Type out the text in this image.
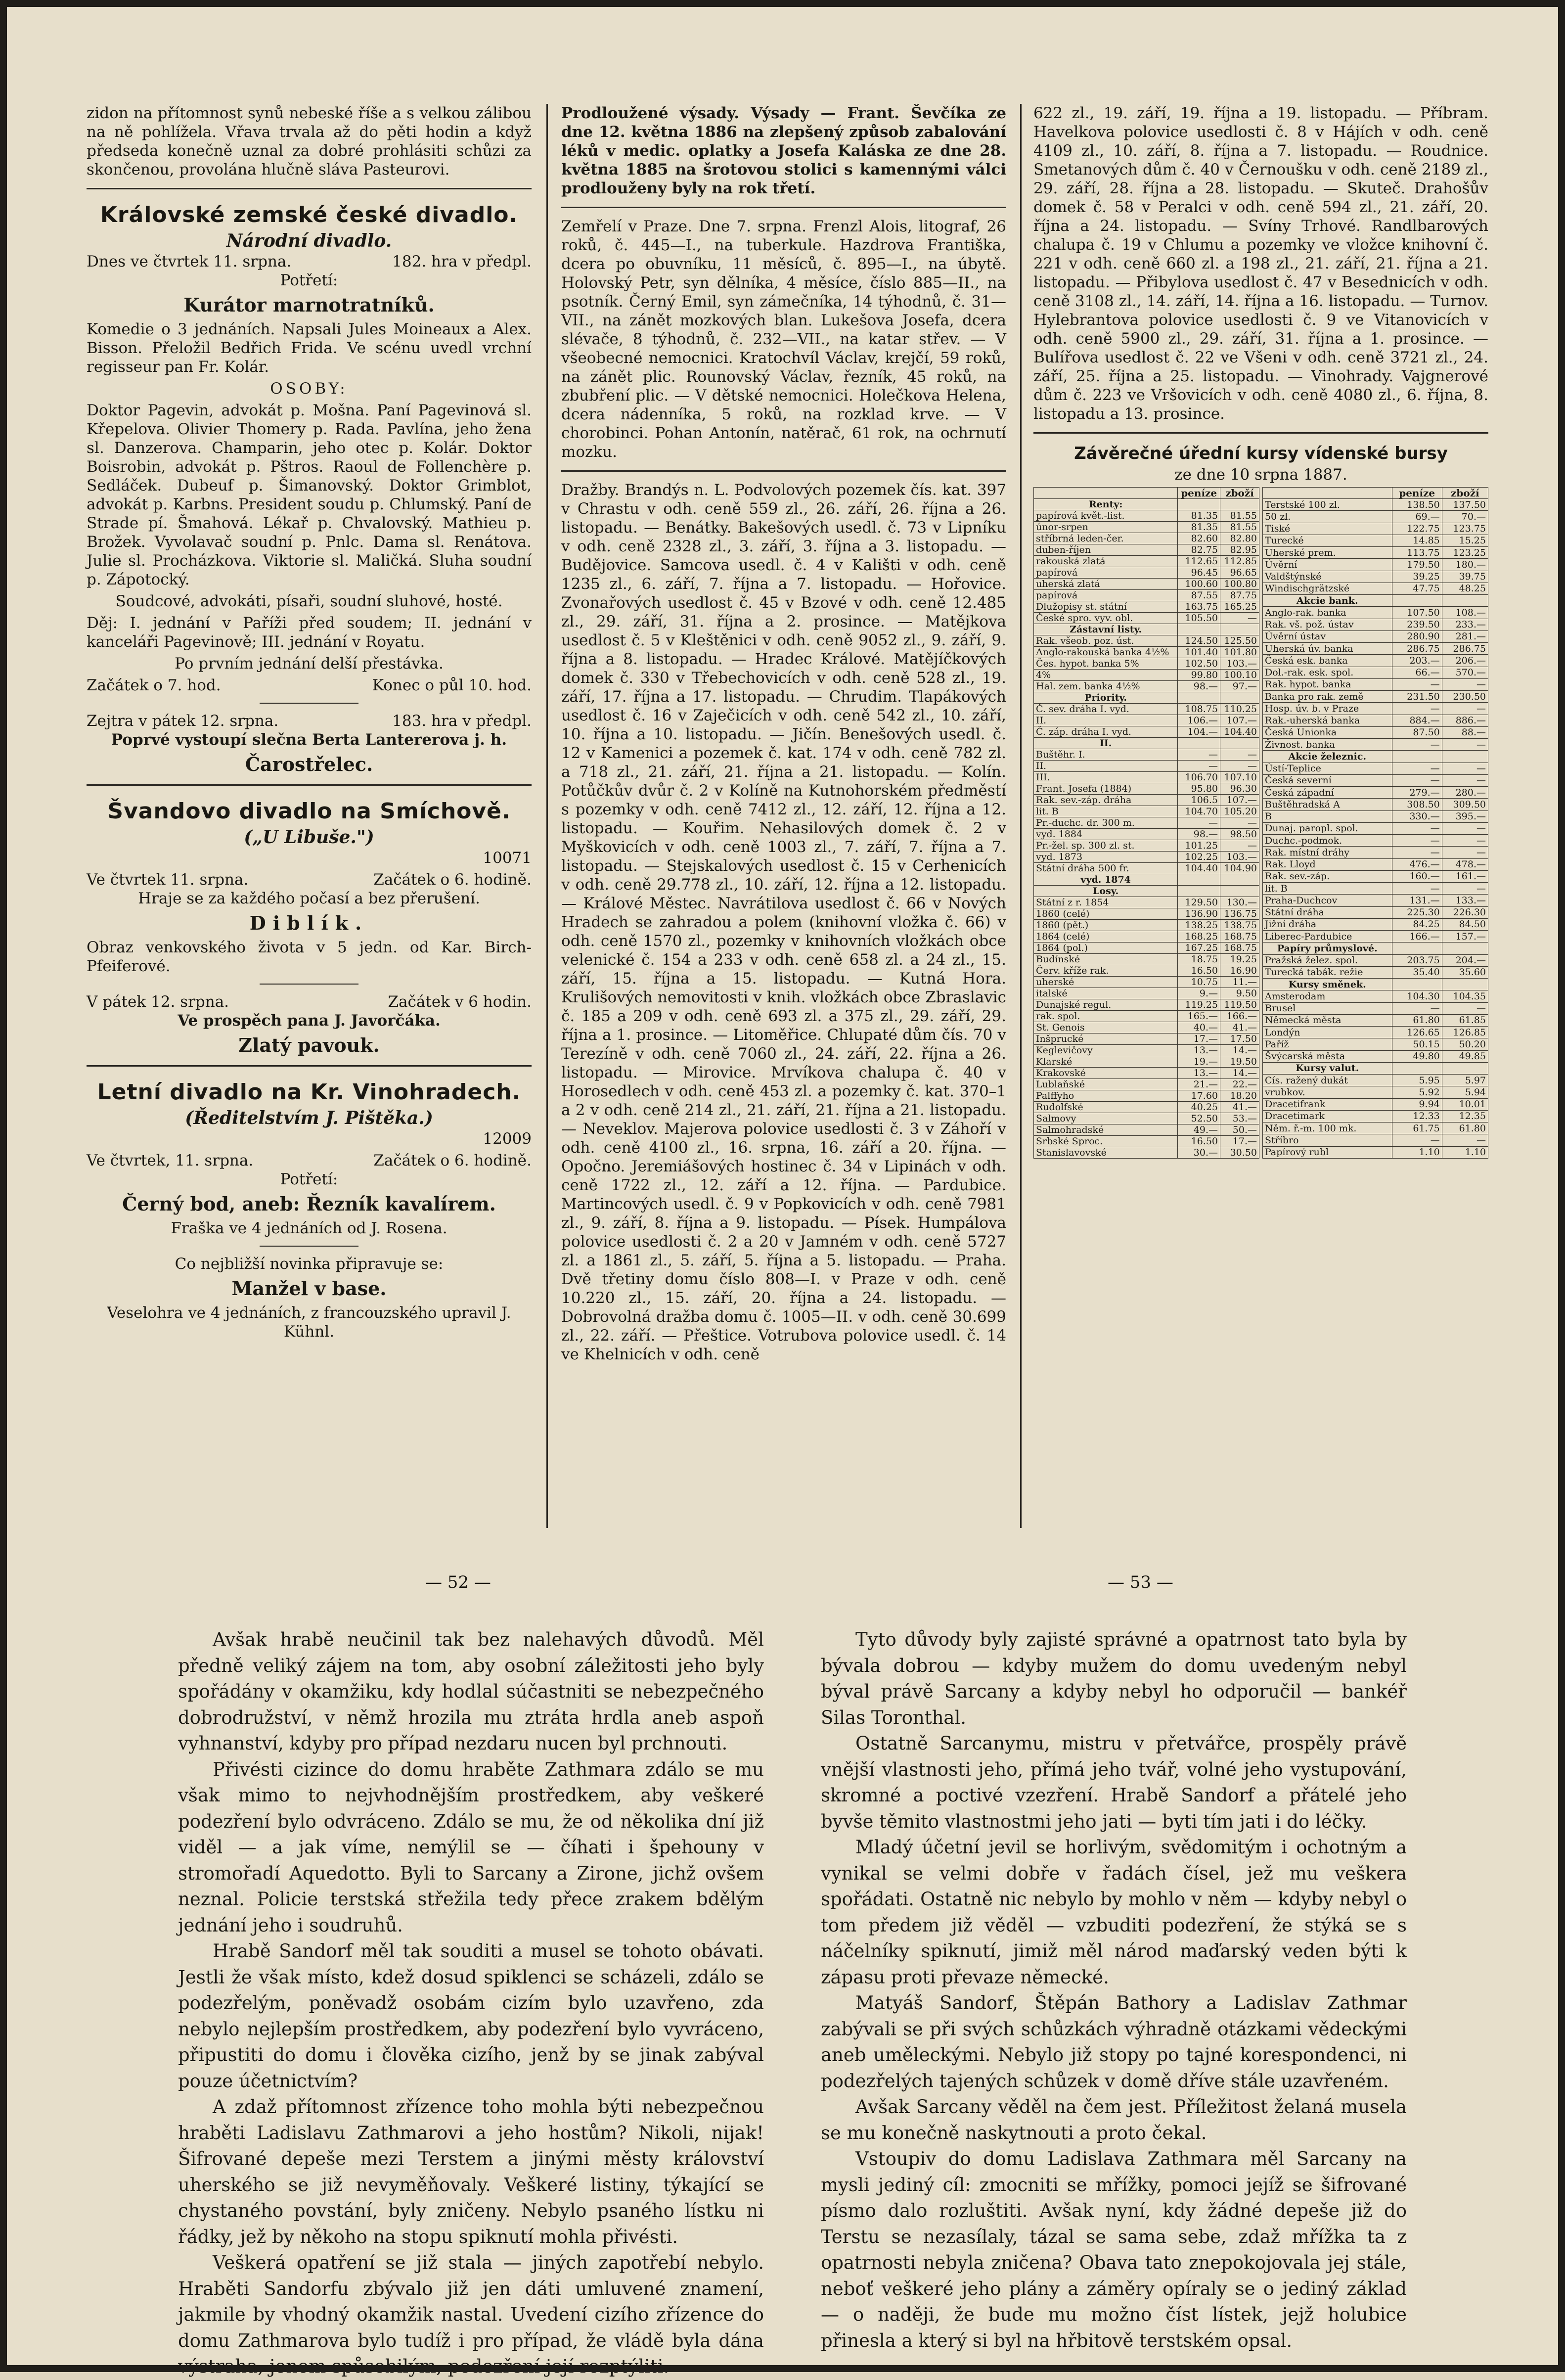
zidon na přítomnost synů nebeské říše a s velkou zálibou na ně pohlížela. Vřava trvala až do pěti hodin a když předseda konečně uznal za dobré prohlásiti schůzi za skončenou, provolána hlučně sláva Pasteurovi.

Královské zemské české divadlo.
Národní divadlo.
Dnes ve čtvrtek 11. srpna.	182. hra v předpl.
Potřetí:
Kurátor marnotratníků.

Komedie o 3 jednáních. Napsali Jules Moineaux a Alex. Bisson. Přeložil Bedřich Frida. Ve scénu uvedl vrchní regisseur pan Fr. Kolár.

OSOBY:

Doktor Pagevin, advokát p. Mošna. Paní Pagevinová sl. Křepelova. Olivier Thomery p. Rada. Pavlína, jeho žena sl. Danzerova. Champarin, jeho otec p. Kolár. Doktor Boisrobin, advokát p. Pštros. Raoul de Follenchère p. Sedláček. Dubeuf p. Šimanovský. Doktor Grimblot, advokát p. Karbns. President soudu p. Chlumský. Paní de Strade pí. Šmahová. Lékař p. Chvalovský. Mathieu p. Brožek. Vyvolavač soudní p. Pnlc. Dama sl. Renátova. Julie sl. Procházkova. Viktorie sl. Maličká. Sluha soudní p. Zápotocký.

Soudcové, advokáti, písaři, soudní sluhové, hosté.

Děj: I. jednání v Paříži před soudem; II. jednání v kanceláři Pagevinově; III. jednání v Royatu.

Po prvním jednání delší přestávka.

Začátek o 7. hod.	Konec o půl 10. hod.
Zejtra v pátek 12. srpna.	183. hra v předpl.

Poprvé vystoupí slečna Berta Lantererova j. h.

Čarostřelec.
Švandovo divadlo na Smíchově.
(„U Libuše.")
10071
Ve čtvrtek 11. srpna.	Začátek o 6. hodině.

Hraje se za každého počasí a bez přerušení.

Diblík.

Obraz venkovského života v 5 jedn. od Kar. Birch-Pfeiferové.

V pátek 12. srpna.	Začátek v 6 hodin.

Ve prospěch pana J. Javorčáka.

Zlatý pavouk.
Letní divadlo na Kr. Vinohradech.
(Ředitelstvím J. Pištěka.)
12009
Ve čtvrtek, 11. srpna.	Začátek o 6. hodině.
Potřetí:
Černý bod, aneb: Řezník kavalírem.

Fraška ve 4 jednáních od J. Rosena.

Co nejbližší novinka připravuje se:

Manžel v base.

Veselohra ve 4 jednáních, z francouzského upravil J. Kühnl.

Prodloužené výsady. Výsady — Frant. Ševčíka ze dne 12. května 1886 na zlepšený způsob zabalování léků v medic. oplatky a Josefa Kaláska ze dne 28. května 1885 na šrotovou stolici s kamennými válci prodlouženy byly na rok třetí.

Zemřelí v Praze. Dne 7. srpna. Frenzl Alois, litograf, 26 roků, č. 445—I., na tuberkule. Hazdrova Františka, dcera po obuvníku, 11 měsíců, č. 895—I., na úbytě. Holovský Petr, syn dělníka, 4 měsíce, číslo 885—II., na psotník. Černý Emil, syn zámečníka, 14 týhodnů, č. 31—VII., na zánět mozkových blan. Lukešova Josefa, dcera slévače, 8 týhodnů, č. 232—VII., na katar střev. — V všeobecné nemocnici. Kratochvíl Václav, krejčí, 59 roků, na zánět plic. Rounovský Václav, řezník, 45 roků, na zbubření plic. — V dětské nemocnici. Holečkova Helena, dcera nádenníka, 5 roků, na rozklad krve. — V chorobinci. Pohan Antonín, natěrač, 61 rok, na ochrnutí mozku.

Dražby. Brandýs n. L. Podvolových pozemek čís. kat. 397 v Chrastu v odh. ceně 559 zl., 26. září, 26. října a 26. listopadu. — Benátky. Bakešových usedl. č. 73 v Lipníku v odh. ceně 2328 zl., 3. září, 3. října a 3. listopadu. — Budějovice. Samcova usedl. č. 4 v Kališti v odh. ceně 1235 zl., 6. září, 7. října a 7. listopadu. — Hořovice. Zvonařových usedlost č. 45 v Bzové v odh. ceně 12.485 zl., 29. září, 31. října a 2. prosince. — Matějkova usedlost č. 5 v Kleštěnici v odh. ceně 9052 zl., 9. září, 9. října a 8. listopadu. — Hradec Králové. Matějíčkových domek č. 330 v Třebechovicích v odh. ceně 528 zl., 19. září, 17. října a 17. listopadu. — Chrudim. Tlapákových usedlost č. 16 v Zaječicích v odh. ceně 542 zl., 10. září, 10. října a 10. listopadu. — Jičín. Benešových usedl. č. 12 v Kamenici a pozemek č. kat. 174 v odh. ceně 782 zl. a 718 zl., 21. září, 21. října a 21. listopadu. — Kolín. Potůčkův dvůr č. 2 v Kolíně na Kutnohorském předměstí s pozemky v odh. ceně 7412 zl., 12. září, 12. října a 12. listopadu. — Kouřim. Nehasilových domek č. 2 v Myškovicích v odh. ceně 1003 zl., 7. září, 7. října a 7. listopadu. — Stejskalových usedlost č. 15 v Cerhenicích v odh. ceně 29.778 zl., 10. září, 12. října a 12. listopadu. — Králové Městec. Navrátilova usedlost č. 66 v Nových Hradech se zahradou a polem (knihovní vložka č. 66) v odh. ceně 1570 zl., pozemky v knihovních vložkách obce velenické č. 154 a 233 v odh. ceně 658 zl. a 24 zl., 15. září, 15. října a 15. listopadu. — Kutná Hora. Krulišových nemovitosti v knih. vložkách obce Zbraslavic č. 185 a 209 v odh. ceně 693 zl. a 375 zl., 29. září, 29. října a 1. prosince. — Litoměřice. Chlupaté dům čís. 70 v Terezíně v odh. ceně 7060 zl., 24. září, 22. října a 26. listopadu. — Mirovice. Mrvíkova chalupa č. 40 v Horosedlech v odh. ceně 453 zl. a pozemky č. kat. 370–1 a 2 v odh. ceně 214 zl., 21. září, 21. října a 21. listopadu. — Neveklov. Majerova polovice usedlosti č. 3 v Záhoří v odh. ceně 4100 zl., 16. srpna, 16. září a 20. října. — Opočno. Jeremiášových hostinec č. 34 v Lipinách v odh. ceně 1722 zl., 12. září a 12. října. — Pardubice. Martincových usedl. č. 9 v Popkovicích v odh. ceně 7981 zl., 9. září, 8. října a 9. listopadu. — Písek. Humpálova polovice usedlosti č. 2 a 20 v Jamném v odh. ceně 5727 zl. a 1861 zl., 5. září, 5. října a 5. listopadu. — Praha. Dvě třetiny domu číslo 808—I. v Praze v odh. ceně 10.220 zl., 15. září, 20. října a 24. listopadu. — Dobrovolná dražba domu č. 1005—II. v odh. ceně 30.699 zl., 22. září. — Přeštice. Votrubova polovice usedl. č. 14 ve Khelnicích v odh. ceně

622 zl., 19. září, 19. října a 19. listopadu. — Příbram. Havelkova polovice usedlosti č. 8 v Hájích v odh. ceně 4109 zl., 10. září, 8. října a 7. listopadu. — Roudnice. Smetanových dům č. 40 v Černoušku v odh. ceně 2189 zl., 29. září, 28. října a 28. listopadu. — Skuteč. Drahošův domek č. 58 v Peralci v odh. ceně 594 zl., 21. září, 20. října a 24. listopadu. — Svíny Trhové. Randlbarových chalupa č. 19 v Chlumu a pozemky ve vložce knihovní č. 221 v odh. ceně 660 zl. a 198 zl., 21. září, 21. října a 21. listopadu. — Přibylova usedlost č. 47 v Besednicích v odh. ceně 3108 zl., 14. září, 14. října a 16. listopadu. — Turnov. Hylebrantova polovice usedlosti č. 9 ve Vitanovicích v odh. ceně 5900 zl., 29. září, 31. října a 1. prosince. — Bulířova usedlost č. 22 ve Všeni v odh. ceně 3721 zl., 24. září, 25. října a 25. listopadu. — Vinohrady. Vajgnerové dům č. 223 ve Vršovicích v odh. ceně 4080 zl., 6. října, 8. listopadu a 13. prosince.

Závěrečné úřední kursy vídenské bursy
ze dne 10 srpna 1887.
	peníze	zboží
Renty:		
papírová květ.-list.	81.35	81.55
únor-srpen	81.35	81.55
stříbrná leden-čer.	82.60	82.80
duben-říjen	82.75	82.95
rakouská zlatá	112.65	112.85
papírová	96.45	96.65
uherská zlatá	100.60	100.80
papírová	87.55	87.75
Dlužopisy st. státní	163.75	165.25
České spro. vyv. obl.	105.50	—
Zástavní listy.		
Rak. všeob. poz. úst.	124.50	125.50
Anglo-rakouská banka 4½%	101.40	101.80
Čes. hypot. banka 5%	102.50	103.—
4%	99.80	100.10
Hal. zem. banka 4½%	98.—	97.—
Priority.		
Č. sev. dráha I. vyd.	108.75	110.25
II.	106.—	107.—
Č. záp. dráha I. vyd.	104.—	104.40
II.		
Buštěhr. I.	—	—
II.	—	—
III.	106.70	107.10
Frant. Josefa (1884)	95.80	96.30
Rak. sev.-záp. dráha	106.5	107.—
lit. B	104.70	105.20
Pr.-duchc. dr. 300 m.	—	—
vyd. 1884	98.—	98.50
Pr.-žel. sp. 300 zl. st.	101.25	—
vyd. 1873	102.25	103.—
Státní dráha 500 fr.	104.40	104.90
vyd. 1874		
Losy.		
Státní z r. 1854	129.50	130.—
1860 (celé)	136.90	136.75
1860 (pět.)	138.25	138.75
1864 (celé)	168.25	168.75
1864 (pol.)	167.25	168.75
Budínské	18.75	19.25
Červ. kříže rak.	16.50	16.90
uherské	10.75	11.—
italské	9.—	9.50
Dunajské regul.	119.25	119.50
rak. spol.	165.—	166.—
St. Genois	40.—	41.—
Inšprucké	17.—	17.50
Keglevičovy	13.—	14.—
Klarské	19.—	19.50
Krakovské	13.—	14.—
Lublaňské	21.—	22.—
Palffyho	17.60	18.20
Rudolfské	40.25	41.—
Salmovy	52.50	53.—
Salmohradské	49.—	50.—
Srbské Sproc.	16.50	17.—
Stanislavovské	30.—	30.50
	peníze	zboží
Terstské 100 zl.	138.50	137.50
50 zl.	69.—	70.—
Tiské	122.75	123.75
Turecké	14.85	15.25
Uherské prem.	113.75	123.25
Úvěrní	179.50	180.—
Valdštýnské	39.25	39.75
Windischgrätzské	47.75	48.25
Akcie bank.		
Anglo-rak. banka	107.50	108.—
Rak. vš. pož. ústav	239.50	233.—
Úvěrní ústav	280.90	281.—
Uherská úv. banka	286.75	286.75
Česká esk. banka	203.—	206.—
Dol.-rak. esk. spol.	66.—	570.—
Rak. hypot. banka	—	—
Banka pro rak. země	231.50	230.50
Hosp. úv. b. v Praze	—	—
Rak.-uherská banka	884.—	886.—
Česká Unionka	87.50	88.—
Živnost. banka	—	—
Akcie železnic.		
Ústí-Teplice	—	—
Česká severní	—	—
Česká západní	279.—	280.—
Buštěhradská A	308.50	309.50
B	330.—	395.—
Dunaj. paropl. spol.	—	—
Duchc.-podmok.	—	—
Rak. místní dráhy	—	—
Rak. Lloyd	476.—	478.—
Rak. sev.-záp.	160.—	161.—
lit. B	—	—
Praha-Duchcov	131.—	133.—
Státní dráha	225.30	226.30
Jižní dráha	84.25	84.50
Liberec-Pardubice	166.—	157.—
Papíry průmyslové.		
Pražská želez. spol.	203.75	204.—
Turecká tabák. režie	35.40	35.60
Kursy směnek.		
Amsterodam	104.30	104.35
Brusel	—	—
Německá města	61.80	61.85
Londýn	126.65	126.85
Paříž	50.15	50.20
Švýcarská města	49.80	49.85
Kursy valut.		
Cís. ražený dukát	5.95	5.97
vrubkov.	5.92	5.94
Dracetifrank	9.94	10.01
Dracetimark	12.33	12.35
Něm. ř.-m. 100 mk.	61.75	61.80
Stříbro	—	—
Papírový rubl	1.10	1.10
— 52 —	— 53 —

Avšak hrabě neučinil tak bez nalehavých důvodů. Měl předně veliký zájem na tom, aby osobní záležitosti jeho byly spořádány v okamžiku, kdy hodlal súčastniti se nebezpečného dobrodružství, v němž hrozila mu ztráta hrdla aneb aspoň vyhnanství, kdyby pro případ nezdaru nucen byl prchnouti.

Přivésti cizince do domu hraběte Zathmara zdálo se mu však mimo to nejvhodnějším prostředkem, aby veškeré podezření bylo odvráceno. Zdálo se mu, že od několika dní již viděl — a jak víme, nemýlil se — číhati i špehouny v stromořadí Aquedotto. Byli to Sarcany a Zirone, jichž ovšem neznal. Policie terstská střežila tedy přece zrakem bdělým jednání jeho i soudruhů.

Hrabě Sandorf měl tak souditi a musel se tohoto obávati. Jestli že však místo, kdež dosud spiklenci se scházeli, zdálo se podezřelým, poněvadž osobám cizím bylo uzavřeno, zda nebylo nejlepším prostředkem, aby podezření bylo vyvráceno, připustiti do domu i člověka cizího, jenž by se jinak zabýval pouze účetnictvím?

A zdaž přítomnost zřízence toho mohla býti nebezpečnou hraběti Ladislavu Zathmarovi a jeho hostům? Nikoli, nijak! Šifrované depeše mezi Terstem a jinými městy království uherského se již nevyměňovaly. Veškeré listiny, týkající se chystaného povstání, byly zničeny. Nebylo psaného lístku ni řádky, jež by někoho na stopu spiknutí mohla přivésti.

Veškerá opatření se již stala — jiných zapotřebí nebylo. Hraběti Sandorfu zbývalo již jen dáti umluvené znamení, jakmile by vhodný okamžik nastal. Uvedení cizího zřízence do domu Zathmarova bylo tudíž i pro případ, že vládě byla dána výstraha, jenom spůsobilým, podezření její rozptýliti.

Tyto důvody byly zajisté správné a opatrnost tato byla by bývala dobrou — kdyby mužem do domu uvedeným nebyl býval právě Sarcany a kdyby nebyl ho odporučil — bankéř Silas Toronthal.

Ostatně Sarcanymu, mistru v přetvářce, prospěly právě vnější vlastnosti jeho, přímá jeho tvář, volné jeho vystupování, skromné a poctivé vzezření. Hrabě Sandorf a přátelé jeho byvše těmito vlastnostmi jeho jati — byti tím jati i do léčky.

Mladý účetní jevil se horlivým, svědomitým i ochotným a vynikal se velmi dobře v řadách čísel, jež mu veškera spořádati. Ostatně nic nebylo by mohlo v něm — kdyby nebyl o tom předem již věděl — vzbuditi podezření, že stýká se s náčelníky spiknutí, jimiž měl národ maďarský veden býti k zápasu proti převaze německé.

Matyáš Sandorf, Štěpán Bathory a Ladislav Zathmar zabývali se při svých schůzkách výhradně otázkami vědeckými aneb uměleckými. Nebylo již stopy po tajné korespondenci, ni podezřelých tajených schůzek v domě dříve stále uzavřeném.

Avšak Sarcany věděl na čem jest. Příležitost želaná musela se mu konečně naskytnouti a proto čekal.

Vstoupiv do domu Ladislava Zathmara měl Sarcany na mysli jediný cíl: zmocniti se mřížky, pomoci jejíž se šifrované písmo dalo rozluštiti. Avšak nyní, kdy žádné depeše již do Terstu se nezasílaly, tázal se sama sebe, zdaž mřížka ta z opatrnosti nebyla zničena? Obava tato znepokojovala jej stále, neboť veškeré jeho plány a záměry opíraly se o jediný základ — o naději, že bude mu možno číst lístek, jejž holubice přinesla a který si byl na hřbitově terstském opsal.
